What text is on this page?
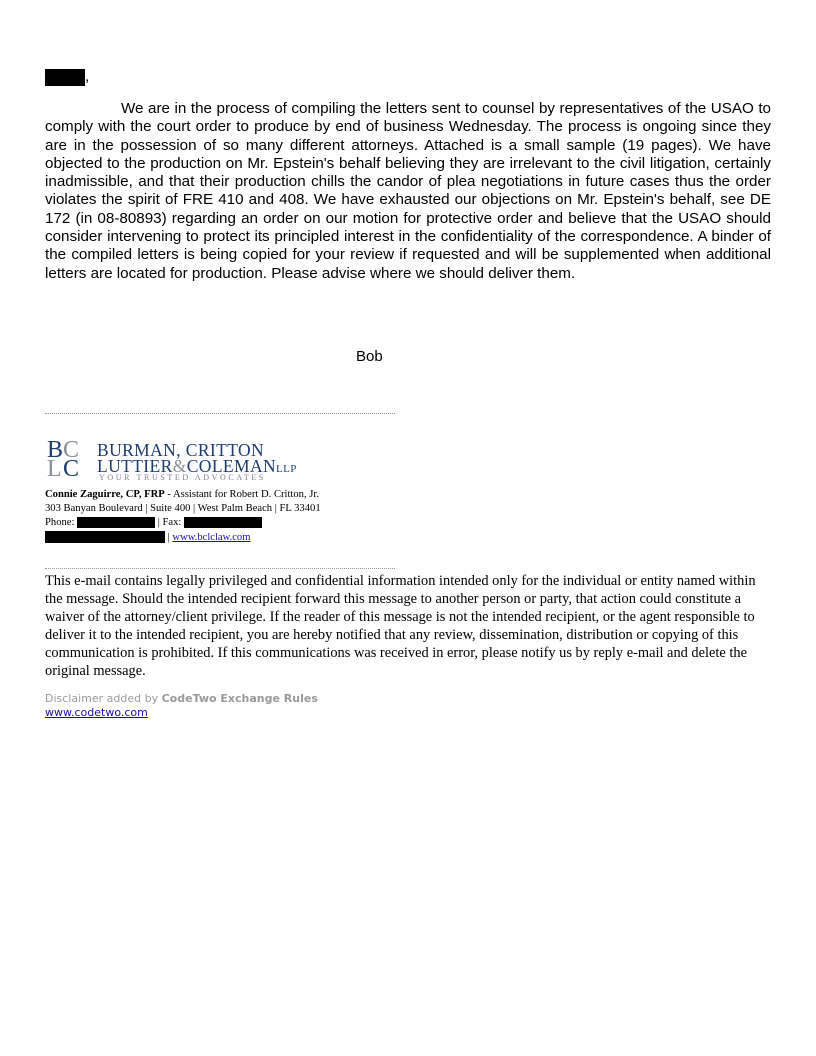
,

We are in the process of compiling the letters sent to counsel by representatives of the USAO to comply with the court order to produce by end of business Wednesday. The process is ongoing since they are in the possession of so many different attorneys. Attached is a small sample (19 pages). We have objected to the production on Mr. Epstein's behalf believing they are irrelevant to the civil litigation, certainly inadmissible, and that their production chills the candor of plea negotiations in future cases thus the order violates the spirit of FRE 410 and 408. We have exhausted our objections on Mr. Epstein's behalf, see DE 172 (in 08-80893) regarding an order on our motion for protective order and believe that the USAO should consider intervening to protect its principled interest in the confidentiality of the correspondence. A binder of the compiled letters is being copied for your review if requested and will be supplemented when additional letters are located for production. Please advise where we should deliver them.

Bob
B C
L C
BURMAN, CRITTON
LUTTIER&COLEMANLLP
YOUR TRUSTED ADVOCATES
Connie Zaguirre, CP, FRP - Assistant for Robert D. Critton, Jr.
303 Banyan Boulevard | Suite 400 | West Palm Beach | FL 33401
Phone:	| Fax:
| www.bclclaw.com

This e-mail contains legally privileged and confidential information intended only for the individual or entity named within the message. Should the intended recipient forward this message to another person or party, that action could constitute a waiver of the attorney/client privilege. If the reader of this message is not the intended recipient, or the agent responsible to deliver it to the intended recipient, you are hereby notified that any review, dissemination, distribution or copying of this communication is prohibited. If this communications was received in error, please notify us by reply e-mail and delete the original message.

Disclaimer added by CodeTwo Exchange Rules
www.codetwo.com
